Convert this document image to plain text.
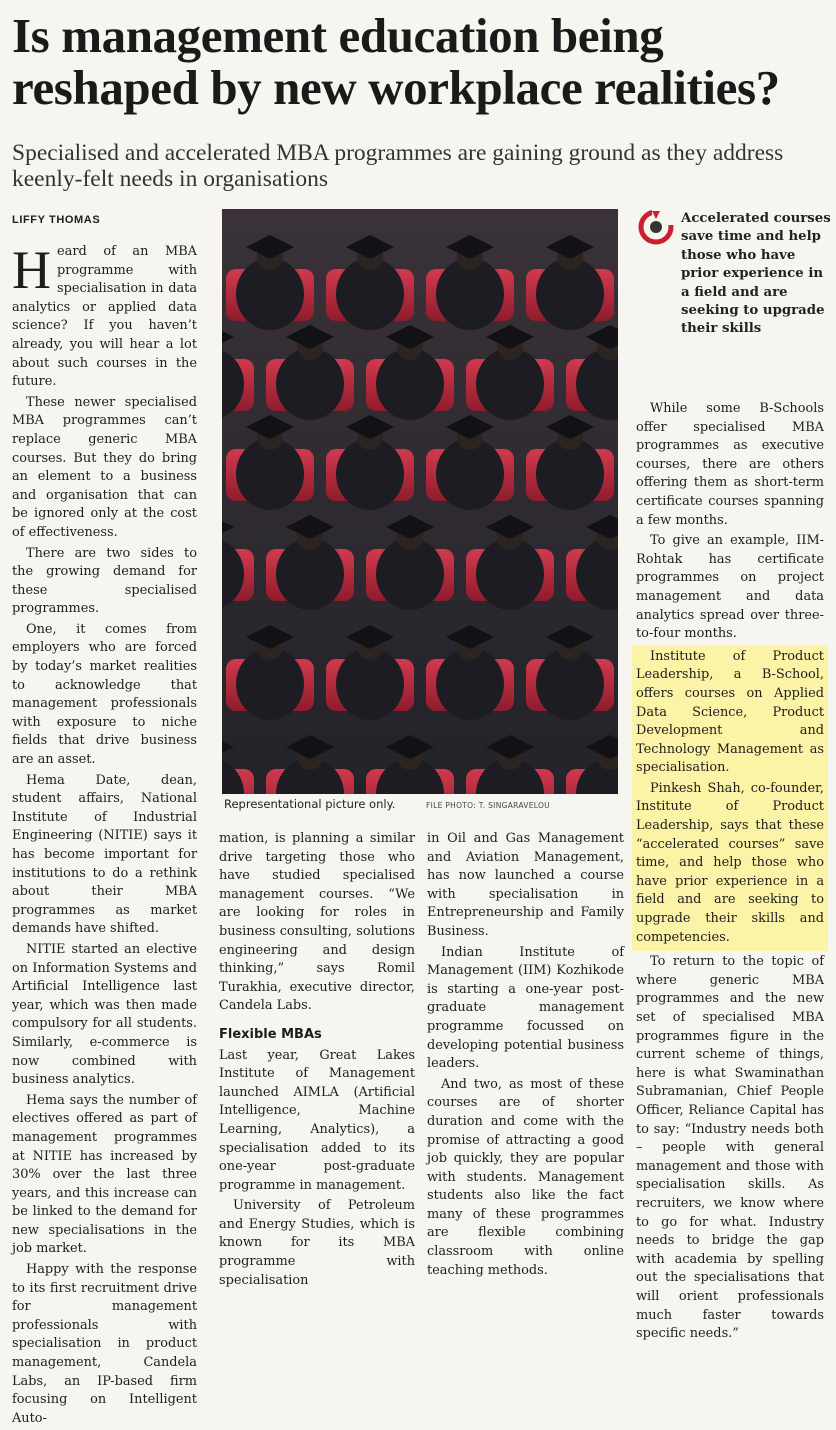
Is management education being reshaped by new workplace realities?
Specialised and accelerated MBA programmes are gaining ground as they address keenly-felt needs in organisations
LIFFY THOMAS

Heard of an MBA programme with specialisation in data analytics or applied data science? If you haven’t already, you will hear a lot about such courses in the future.

These newer specialised MBA programmes can’t replace generic MBA courses. But they do bring an element to a business and organisation that can be ignored only at the cost of effectiveness.

There are two sides to the growing demand for these specialised programmes.

One, it comes from employers who are forced by today’s market realities to acknowledge that management professionals with exposure to niche fields that drive business are an asset.

Hema Date, dean, student affairs, National Institute of Industrial Engineering (NITIE) says it has become important for institutions to do a rethink about their MBA programmes as market demands have shifted.

NITIE started an elective on Information Systems and Artificial Intelligence last year, which was then made compulsory for all students. Similarly, e-commerce is now combined with business analytics.

Hema says the number of electives offered as part of management programmes at NITIE has increased by 30% over the last three years, and this increase can be linked to the demand for new specialisations in the job market.

Happy with the response to its first recruitment drive for management professionals with specialisation in product management, Candela Labs, an IP-based firm focusing on Intelligent Auto-

Representational picture only.	FILE PHOTO: T. SINGARAVELOU

mation, is planning a similar drive targeting those who have studied specialised management courses. “We are looking for roles in business consulting, solutions engineering and design thinking,” says Romil Turakhia, executive director, Candela Labs.

Flexible MBAs

Last year, Great Lakes Institute of Management launched AIMLA (Artificial Intelligence, Machine Learning, Analytics), a specialisation added to its one-year post-graduate programme in management.

University of Petroleum and Energy Studies, which is known for its MBA programme with specialisation

in Oil and Gas Management and Aviation Management, has now launched a course with specialisation in Entrepreneurship and Family Business.

Indian Institute of Management (IIM) Kozhikode is starting a one-year post-graduate management programme focussed on developing potential business leaders.

And two, as most of these courses are of shorter duration and come with the promise of attracting a good job quickly, they are popular with students. Management students also like the fact many of these programmes are flexible combining classroom with online teaching methods.

Accelerated courses save time and help those who have prior experience in a field and are seeking to upgrade their skills

While some B-Schools offer specialised MBA programmes as executive courses, there are others offering them as short-term certificate courses spanning a few months.

To give an example, IIM-Rohtak has certificate programmes on project management and data analytics spread over three-to-four months.

Institute of Product Leadership, a B-School, offers courses on Applied Data Science, Product Development and Technology Management as specialisation.

Pinkesh Shah, co-founder, Institute of Product Leadership, says that these “accelerated courses” save time, and help those who have prior experience in a field and are seeking to upgrade their skills and competencies.

To return to the topic of where generic MBA programmes and the new set of specialised MBA programmes figure in the current scheme of things, here is what Swaminathan Subramanian, Chief People Officer, Reliance Capital has to say: “Industry needs both – people with general management and those with specialisation skills. As recruiters, we know where to go for what. Industry needs to bridge the gap with academia by spelling out the specialisations that will orient professionals much faster towards specific needs.”
